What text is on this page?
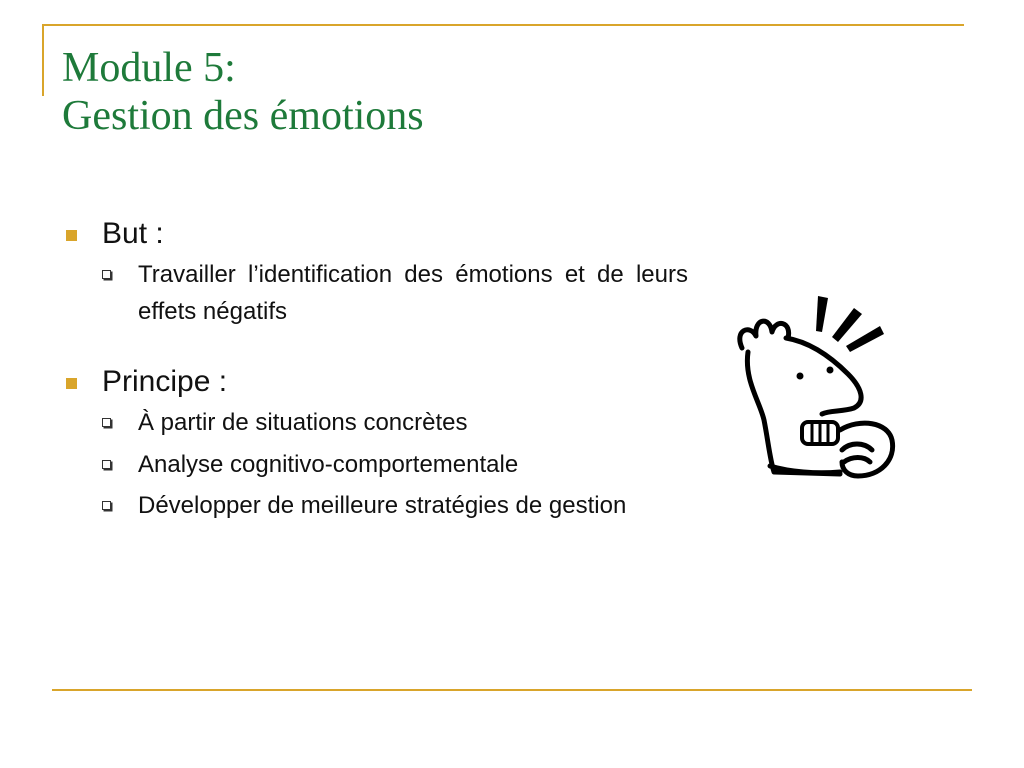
Module 5:
Gestion des émotions
But :
Travailler l’identification des émotions et de leurs effets négatifs
Principe :
À partir de situations concrètes
Analyse cognitivo-comportementale
Développer de meilleure stratégies de gestion
